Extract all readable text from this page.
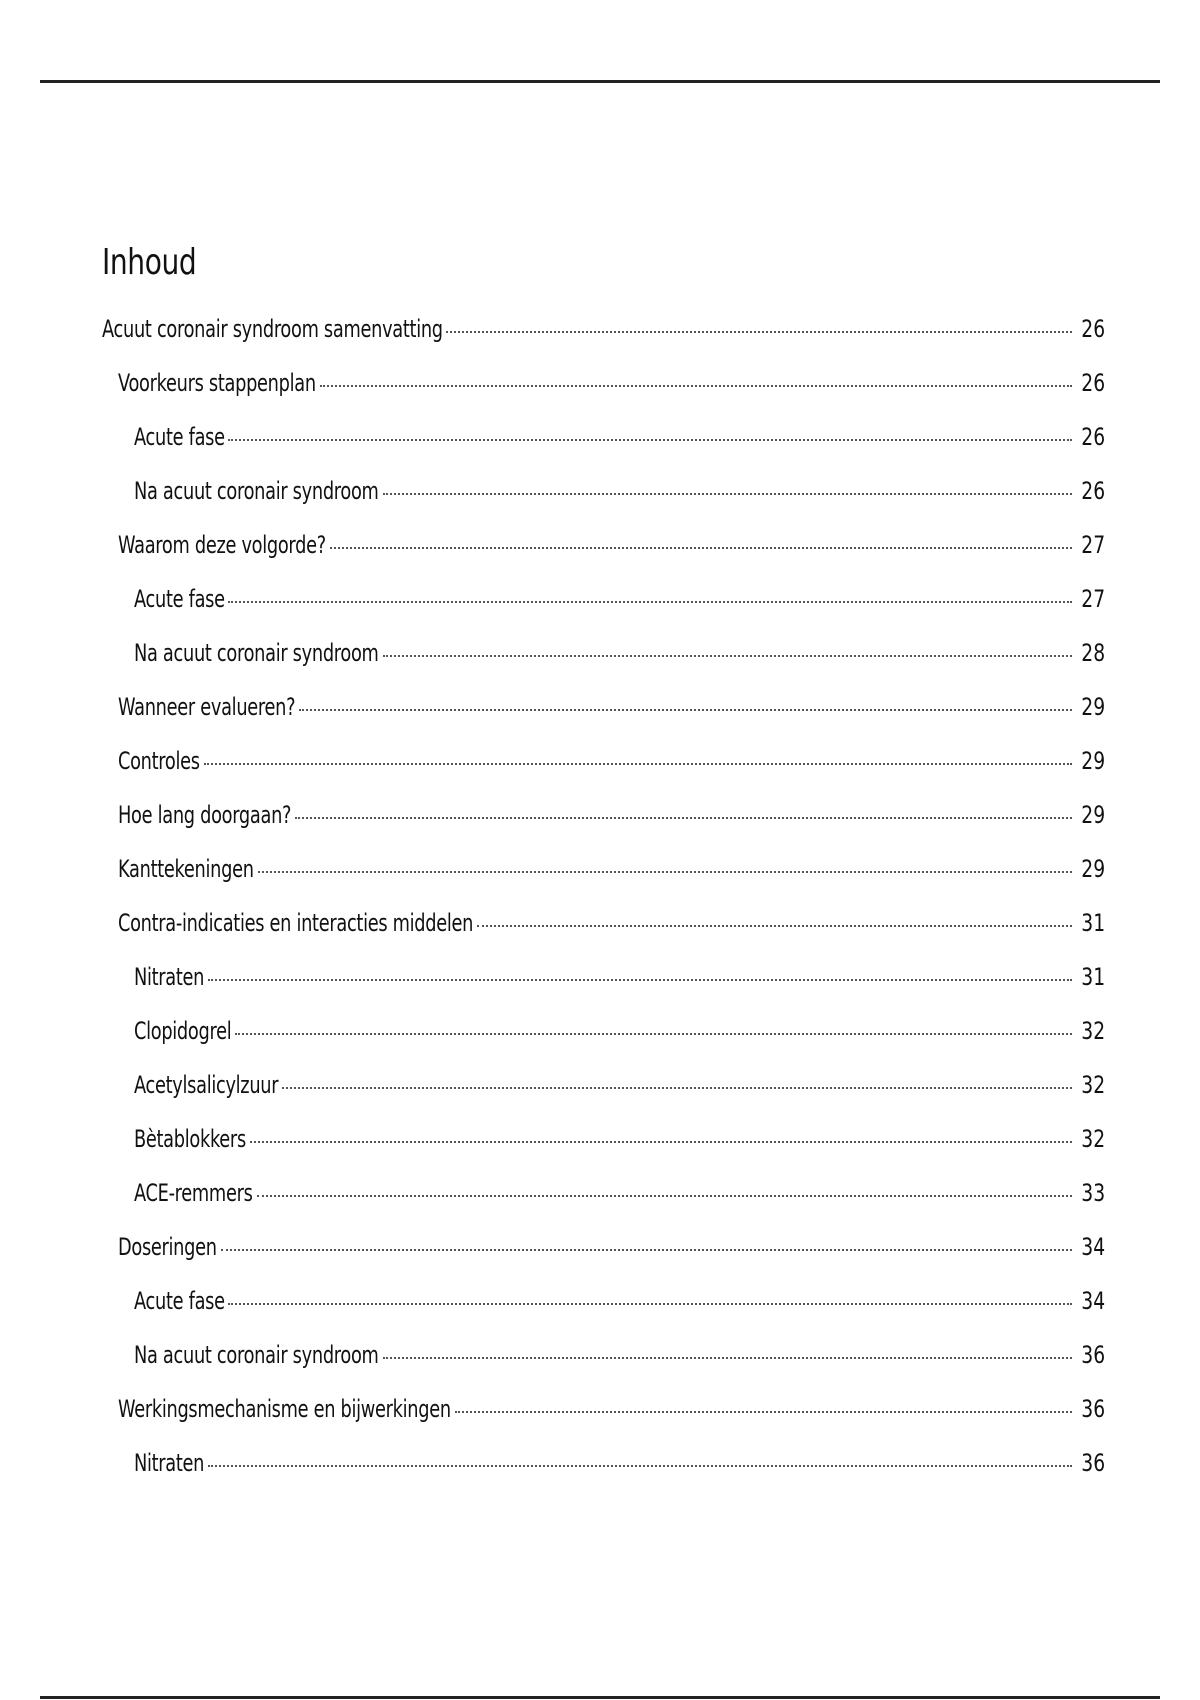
Inhoud
Acuut coronair syndroom samenvatting	26
Voorkeurs stappenplan	26
Acute fase	26
Na acuut coronair syndroom	26
Waarom deze volgorde?	27
Acute fase	27
Na acuut coronair syndroom	28
Wanneer evalueren?	29
Controles	29
Hoe lang doorgaan?	29
Kanttekeningen	29
Contra-indicaties en interacties middelen	31
Nitraten	31
Clopidogrel	32
Acetylsalicylzuur	32
Bètablokkers	32
ACE-remmers	33
Doseringen	34
Acute fase	34
Na acuut coronair syndroom	36
Werkingsmechanisme en bijwerkingen	36
Nitraten	36
